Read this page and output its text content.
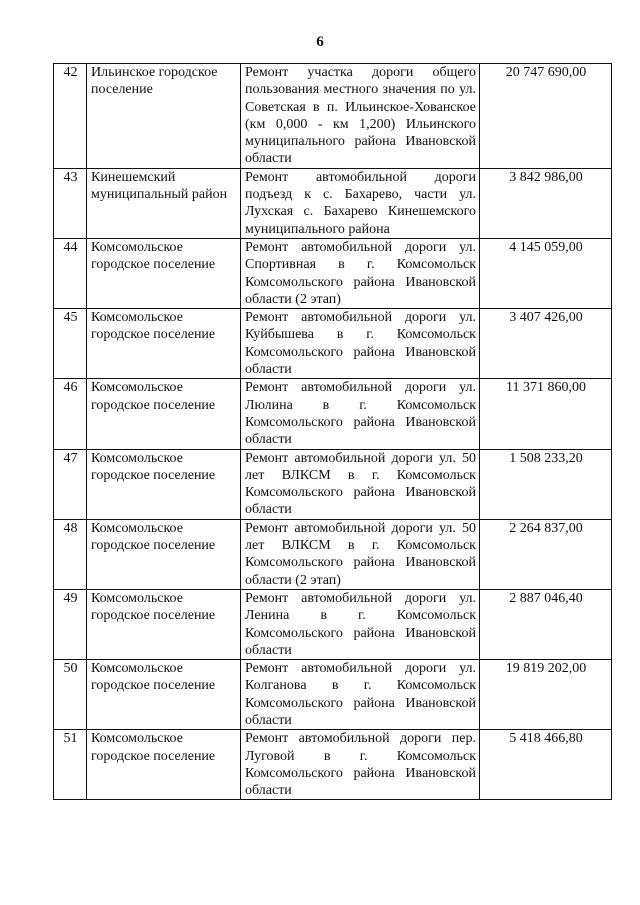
6
42	Ильинское городское поселение	Ремонт участка дороги общего пользования местного значения по ул. Советская в п. Ильинское-Хованское (км 0,000 - км 1,200) Ильинского муниципального района Ивановской области	20 747 690,00
43	Кинешемский муниципальный район	Ремонт автомобильной дороги подъезд к с. Бахарево, части ул. Лухская с. Бахарево Кинешемского муниципального района	3 842 986,00
44	Комсомольское городское поселение	Ремонт автомобильной дороги ул. Спортивная в г. Комсомольск Комсомольского района Ивановской области (2 этап)	4 145 059,00
45	Комсомольское городское поселение	Ремонт автомобильной дороги ул. Куйбышева в г. Комсомольск Комсомольского района Ивановской области	3 407 426,00
46	Комсомольское городское поселение	Ремонт автомобильной дороги ул. Люлина в г. Комсомольск Комсомольского района Ивановской области	11 371 860,00
47	Комсомольское городское поселение	Ремонт автомобильной дороги ул. 50 лет ВЛКСМ в г. Комсомольск Комсомольского района Ивановской области	1 508 233,20
48	Комсомольское городское поселение	Ремонт автомобильной дороги ул. 50 лет ВЛКСМ в г. Комсомольск Комсомольского района Ивановской области (2 этап)	2 264 837,00
49	Комсомольское городское поселение	Ремонт автомобильной дороги ул. Ленина в г. Комсомольск Комсомольского района Ивановской области	2 887 046,40
50	Комсомольское городское поселение	Ремонт автомобильной дороги ул. Колганова в г. Комсомольск Комсомольского района Ивановской области	19 819 202,00
51	Комсомольское городское поселение	Ремонт автомобильной дороги пер. Луговой в г. Комсомольск Комсомольского района Ивановской области	5 418 466,80
